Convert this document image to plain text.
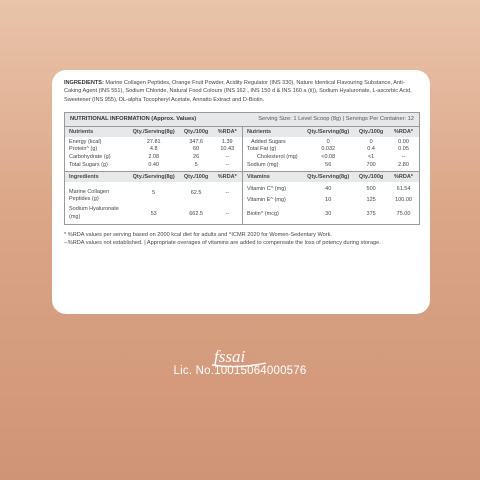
INGREDIENTS: Marine Collagen Peptides, Orange Fruit Powder, Acidity Regulator (INS 330), Nature Identical Flavouring Substance, Anti-Caking Agent (INS 551), Sodium Chloride, Natural Food Colours (INS 162 , INS 150 d & INS 160 a (ii)), Sodium Hyaluronate, L-ascorbic Acid, Sweetener (INS 955), DL-alpha Tocopheryl Acetate, Annatto Extract and D-Biotin.

NUTRITIONAL INFORMATION (Approx. Values)	Serving Size: 1 Level Scoop (8g) | Servings Per Container: 12
Nutrients	Qty./Serving(8g)	Qty./100g	%RDA*	Nutrients	Qty./Serving(8g)	Qty./100g	%RDA*
Energy (kcal)	27.81	347.6	1.39	Added Sugars	0	0	0.00
Protein^ (g)	4.8	60	10.43	Total Fat (g)	0.032	0.4	0.05
Carbohydrate (g)	2.08	26	--	Cholesterol (mg)	<0.08	<1	--
Total Sugars (g)	0.40	5	--	Sodium (mg)	56	700	2.80
Ingredients	Qty./Serving(8g)	Qty./100g	%RDA*	Vitamins	Qty./Serving(8g)	Qty./100g	%RDA*
Marine Collagen Peptides (g)	5	62.5	--	Vitamin C^ (mg)	40	500	61.54
				Vitamin E^ (mg)	10	125	100.00
Sodium Hyaluronate (mg)	53	662.5	--	Biotin^ (mcg)	30	375	75.00

* %RDA values per serving based on 2000 kcal diet for adults and ^ICMR 2020 for Women-Sedentary Work.

--%RDA values not established. | Appropriate overages of vitamins are added to compensate the loss of potency during storage.

fssai
Lic. No.10015064000576
